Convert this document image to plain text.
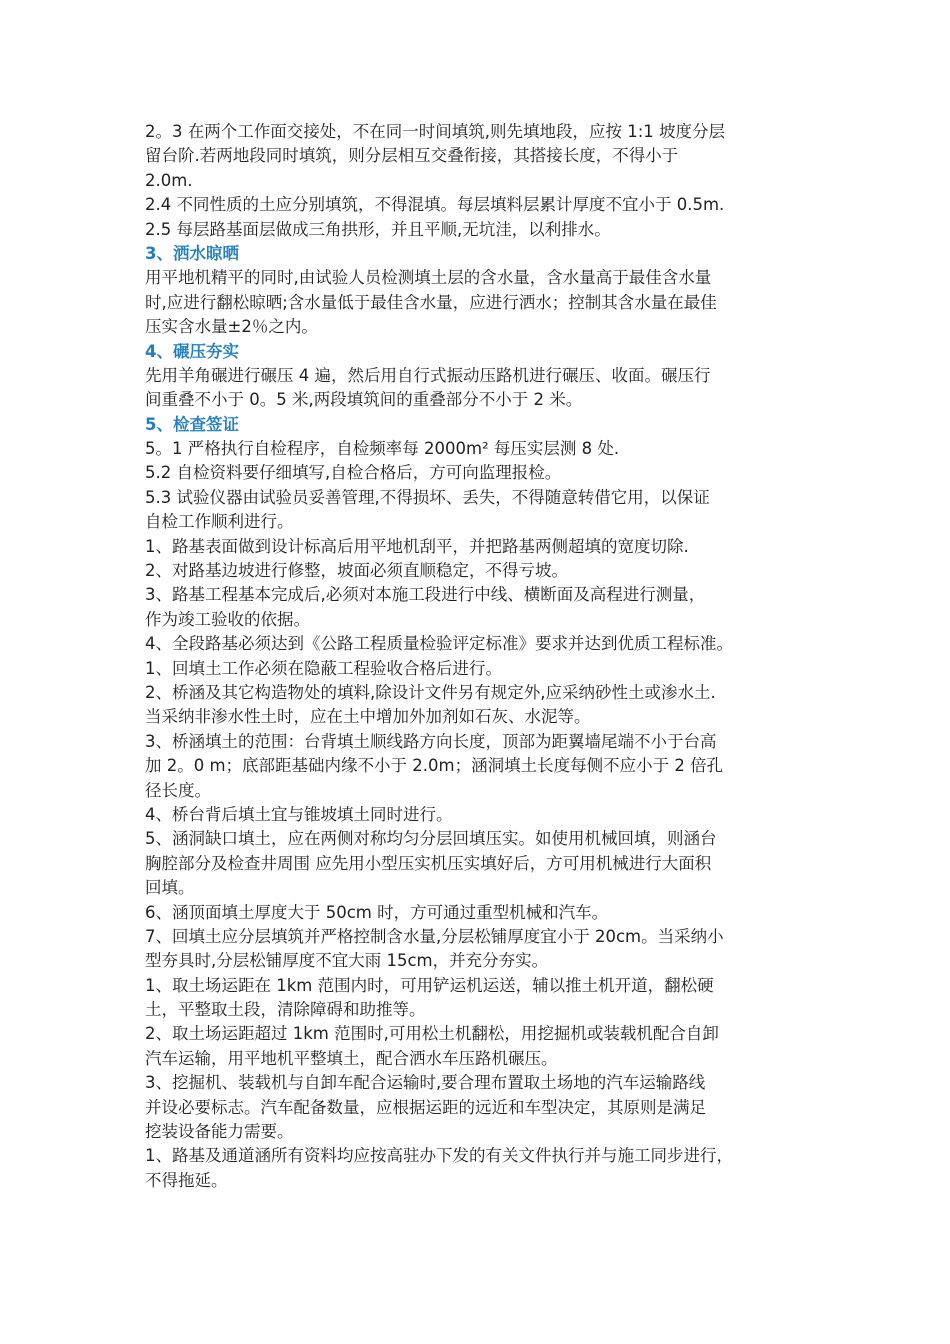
2。3 在两个工作面交接处，不在同一时间填筑,则先填地段，应按 1:1 坡度分层
留台阶.若两地段同时填筑，则分层相互交叠衔接，其搭接长度，不得小于
2.0m.
2.4 不同性质的土应分别填筑，不得混填。每层填料层累计厚度不宜小于 0.5m.
2.5 每层路基面层做成三角拱形，并且平顺,无坑洼，以利排水。
3、洒水晾晒
用平地机精平的同时,由试验人员检测填土层的含水量，含水量高于最佳含水量
时,应进行翻松晾晒;含水量低于最佳含水量，应进行洒水；控制其含水量在最佳
压实含水量±2％之内。
4、碾压夯实
先用羊角碾进行碾压 4 遍，然后用自行式振动压路机进行碾压、收面。碾压行
间重叠不小于 0。5 米,两段填筑间的重叠部分不小于 2 米。
5、检查签证
5。1 严格执行自检程序，自检频率每 2000m² 每压实层测 8 处.
5.2 自检资料要仔细填写,自检合格后，方可向监理报检。
5.3 试验仪器由试验员妥善管理,不得损坏、丢失，不得随意转借它用，以保证
自检工作顺利进行。
1、路基表面做到设计标高后用平地机刮平，并把路基两侧超填的宽度切除.
2、对路基边坡进行修整，坡面必须直顺稳定，不得亏坡。
3、路基工程基本完成后,必须对本施工段进行中线、横断面及高程进行测量，
作为竣工验收的依据。
4、全段路基必须达到《公路工程质量检验评定标准》要求并达到优质工程标准。
1、回填土工作必须在隐蔽工程验收合格后进行。
2、桥涵及其它构造物处的填料,除设计文件另有规定外,应采纳砂性土或渗水土.
当采纳非渗水性土时，应在土中增加外加剂如石灰、水泥等。
3、桥涵填土的范围：台背填土顺线路方向长度，顶部为距翼墙尾端不小于台高
加 2。0 m；底部距基础内缘不小于 2.0m；涵洞填土长度每侧不应小于 2 倍孔
径长度。
4、桥台背后填土宜与锥坡填土同时进行。
5、涵洞缺口填土，应在两侧对称均匀分层回填压实。如使用机械回填，则涵台
胸腔部分及检查井周围 应先用小型压实机压实填好后，方可用机械进行大面积
回填。
6、涵顶面填土厚度大于 50cm 时，方可通过重型机械和汽车。
7、回填土应分层填筑并严格控制含水量,分层松铺厚度宜小于 20cm。当采纳小
型夯具时,分层松铺厚度不宜大雨 15cm，并充分夯实。
1、取土场运距在 1km 范围内时，可用铲运机运送，辅以推土机开道，翻松硬
土，平整取土段，清除障碍和助推等。
2、取土场运距超过 1km 范围时,可用松土机翻松，用挖掘机或装载机配合自卸
汽车运输，用平地机平整填土，配合洒水车压路机碾压。
3、挖掘机、装载机与自卸车配合运输时,要合理布置取土场地的汽车运输路线
并设必要标志。汽车配备数量，应根据运距的远近和车型决定，其原则是满足
挖装设备能力需要。
1、路基及通道涵所有资料均应按高驻办下发的有关文件执行并与施工同步进行，
不得拖延。
